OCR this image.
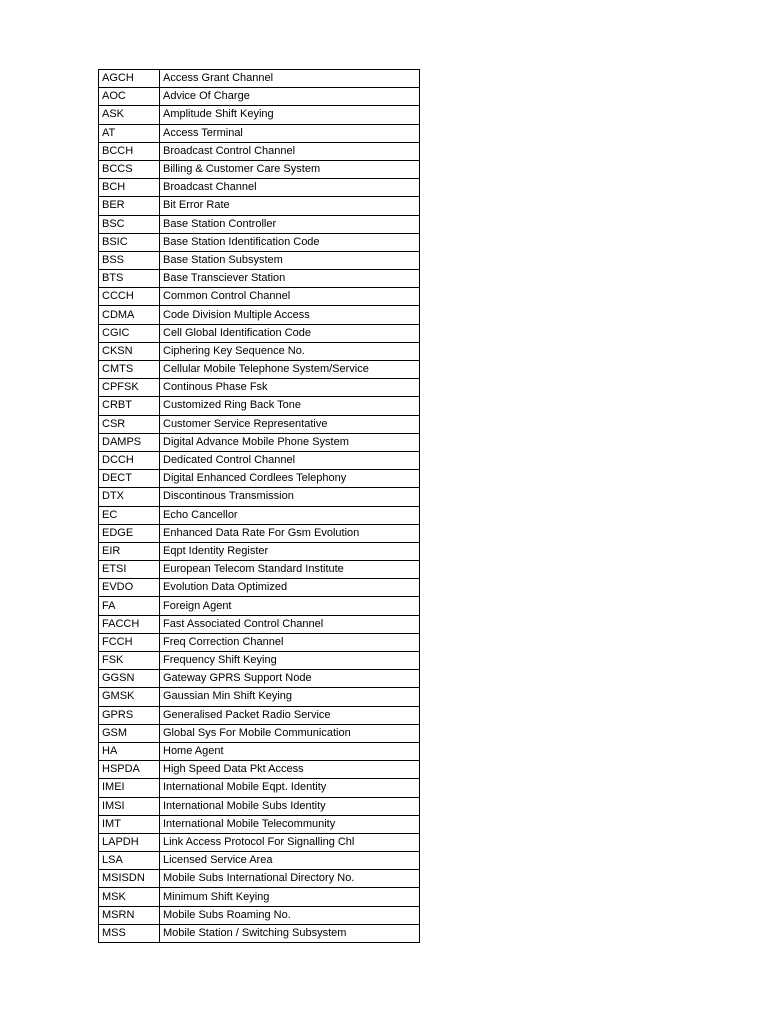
AGCH	Access Grant Channel
AOC	Advice Of Charge
ASK	Amplitude Shift Keying
AT	Access Terminal
BCCH	Broadcast Control Channel
BCCS	Billing & Customer Care System
BCH	Broadcast Channel
BER	Bit Error Rate
BSC	Base Station Controller
BSIC	Base Station Identification Code
BSS	Base Station Subsystem
BTS	Base Transciever Station
CCCH	Common Control Channel
CDMA	Code Division Multiple Access
CGIC	Cell Global Identification Code
CKSN	Ciphering Key Sequence No.
CMTS	Cellular Mobile Telephone System/Service
CPFSK	Continous Phase Fsk
CRBT	Customized Ring Back Tone
CSR	Customer Service Representative
DAMPS	Digital Advance Mobile Phone System
DCCH	Dedicated Control Channel
DECT	Digital Enhanced Cordlees Telephony
DTX	Discontinous Transmission
EC	Echo Cancellor
EDGE	Enhanced Data Rate For Gsm Evolution
EIR	Eqpt Identity Register
ETSI	European Telecom Standard Institute
EVDO	Evolution Data Optimized
FA	Foreign Agent
FACCH	Fast Associated Control Channel
FCCH	Freq Correction Channel
FSK	Frequency Shift Keying
GGSN	Gateway GPRS Support Node
GMSK	Gaussian Min Shift Keying
GPRS	Generalised Packet Radio Service
GSM	Global Sys For Mobile Communication
HA	Home Agent
HSPDA	High Speed Data Pkt Access
IMEI	International Mobile Eqpt. Identity
IMSI	International Mobile Subs Identity
IMT	International Mobile Telecommunity
LAPDH	Link Access Protocol For Signalling Chl
LSA	Licensed Service Area
MSISDN	Mobile Subs International Directory No.
MSK	Minimum Shift Keying
MSRN	Mobile Subs Roaming No.
MSS	Mobile Station / Switching Subsystem
